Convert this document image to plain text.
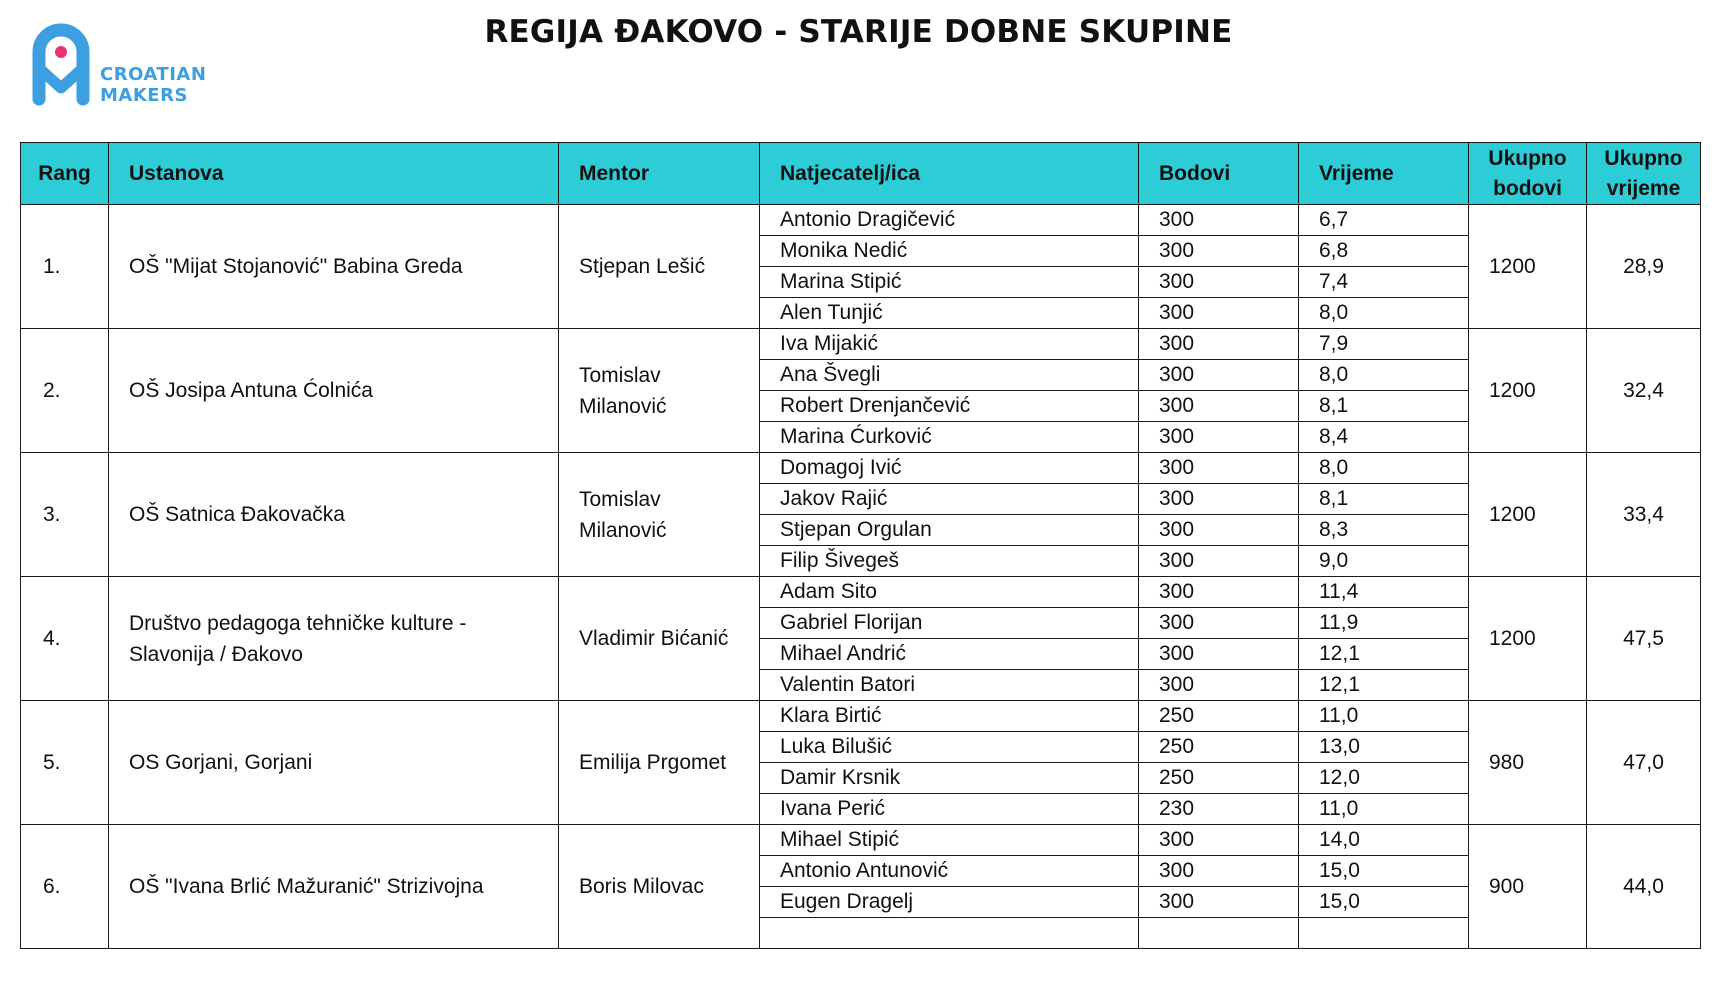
CROATIAN
MAKERS
REGIJA ĐAKOVO - STARIJE DOBNE SKUPINE
Rang	Ustanova	Mentor	Natjecatelj/ica	Bodovi	Vrijeme	Ukupno bodovi	Ukupno vrijeme
1.	OŠ "Mijat Stojanović" Babina Greda	Stjepan Lešić	Antonio Dragičević	300	6,7	1200	28,9
			Monika Nedić	300	6,8		
			Marina Stipić	300	7,4		
			Alen Tunjić	300	8,0		
2.	OŠ Josipa Antuna Ćolnića	Tomislav Milanović	Iva Mijakić	300	7,9	1200	32,4
			Ana Švegli	300	8,0		
			Robert Drenjančević	300	8,1		
			Marina Ćurković	300	8,4		
3.	OŠ Satnica Đakovačka	Tomislav Milanović	Domagoj Ivić	300	8,0	1200	33,4
			Jakov Rajić	300	8,1		
			Stjepan Orgulan	300	8,3		
			Filip Šivegeš	300	9,0		
4.	Društvo pedagoga tehničke kulture - Slavonija / Đakovo	Vladimir Bićanić	Adam Sito	300	11,4	1200	47,5
			Gabriel Florijan	300	11,9		
			Mihael Andrić	300	12,1		
			Valentin Batori	300	12,1		
5.	OS Gorjani, Gorjani	Emilija Prgomet	Klara Birtić	250	11,0	980	47,0
			Luka Bilušić	250	13,0		
			Damir Krsnik	250	12,0		
			Ivana Perić	230	11,0		
6.	OŠ "Ivana Brlić Mažuranić" Strizivojna	Boris Milovac	Mihael Stipić	300	14,0	900	44,0
			Antonio Antunović	300	15,0		
			Eugen Dragelj	300	15,0		
